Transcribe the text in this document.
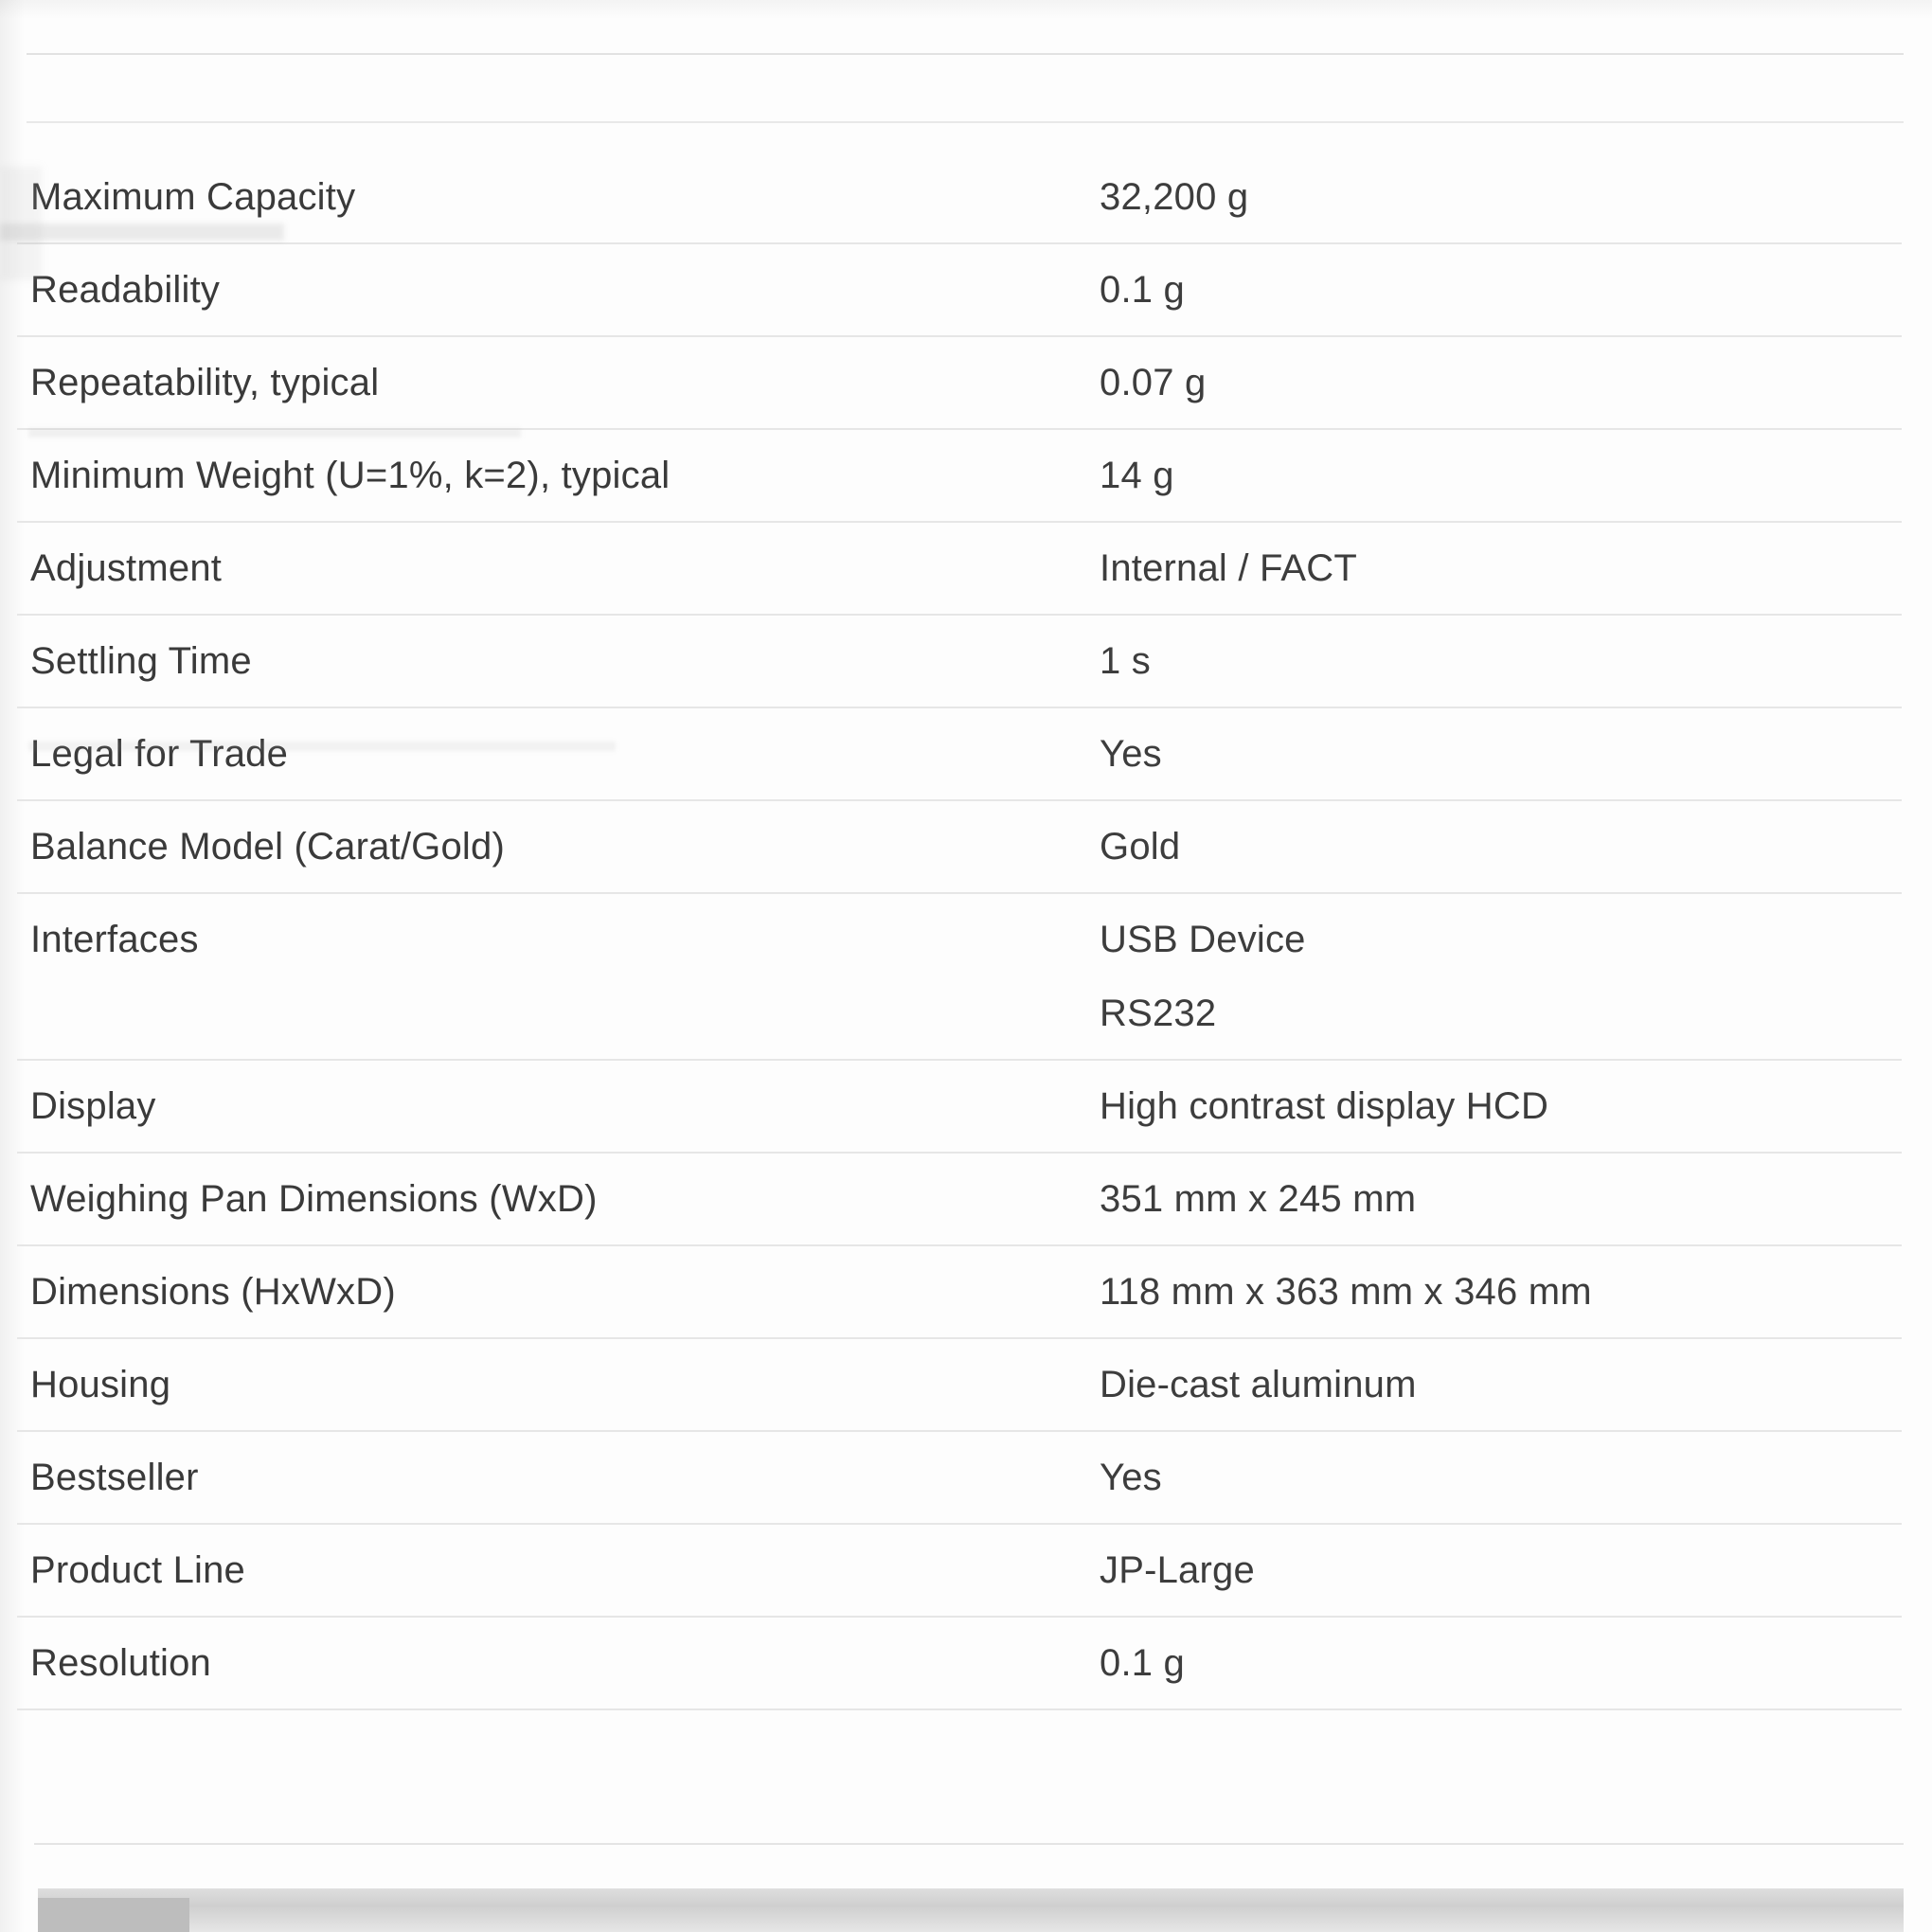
Maximum Capacity	32,200 g

Readability	0.1 g

Repeatability, typical	0.07 g

Minimum Weight (U=1%, k=2), typical	14 g

Adjustment	Internal / FACT

Settling Time	1 s

Legal for Trade	Yes

Balance Model (Carat/Gold)	Gold

Interfaces	USB Device
RS232

Display	High contrast display HCD

Weighing Pan Dimensions (WxD)	351 mm x 245 mm

Dimensions (HxWxD)	118 mm x 363 mm x 346 mm

Housing	Die-cast aluminum

Bestseller	Yes

Product Line	JP-Large

Resolution	0.1 g
